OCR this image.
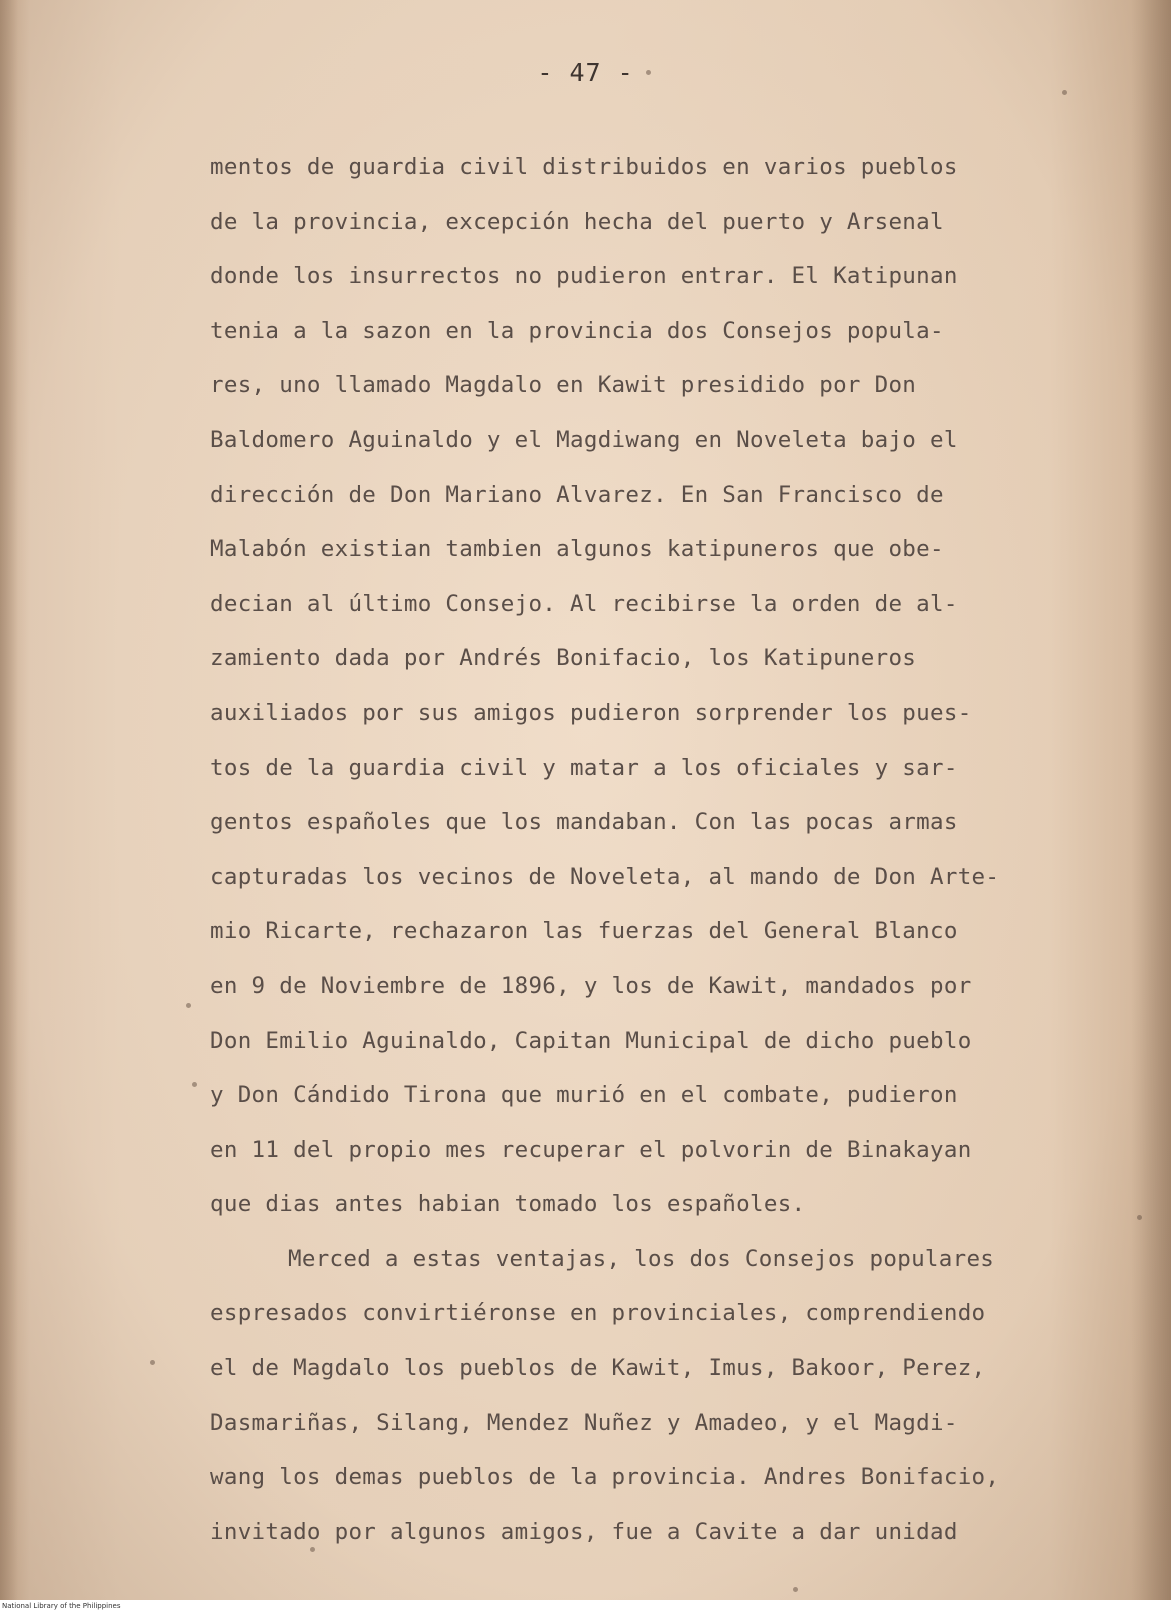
- 47 -
mentos de guardia civil distribuidos en varios pueblos
de la provincia, excepción hecha del puerto y Arsenal
donde los insurrectos no pudieron entrar. El Katipunan
tenia a la sazon en la provincia dos Consejos popula-
res, uno llamado Magdalo en Kawit presidido por Don
Baldomero Aguinaldo y el Magdiwang en Noveleta bajo el
dirección de Don Mariano Alvarez. En San Francisco de
Malabón existian tambien algunos katipuneros que obe-
decian al último Consejo. Al recibirse la orden de al-
zamiento dada por Andrés Bonifacio, los Katipuneros
auxiliados por sus amigos pudieron sorprender los pues-
tos de la guardia civil y matar a los oficiales y sar-
gentos españoles que los mandaban. Con las pocas armas
capturadas los vecinos de Noveleta, al mando de Don Arte-
mio Ricarte, rechazaron las fuerzas del General Blanco
en 9 de Noviembre de 1896, y los de Kawit, mandados por
Don Emilio Aguinaldo, Capitan Municipal de dicho pueblo
y Don Cándido Tirona que murió en el combate, pudieron
en 11 del propio mes recuperar el polvorin de Binakayan
que dias antes habian tomado los españoles.
Merced a estas ventajas, los dos Consejos populares
espresados convirtiéronse en provinciales, comprendiendo
el de Magdalo los pueblos de Kawit, Imus, Bakoor, Perez,
Dasmariñas, Silang, Mendez Nuñez y Amadeo, y el Magdi-
wang los demas pueblos de la provincia. Andres Bonifacio,
invitado por algunos amigos, fue a Cavite a dar unidad
National Library of the Philippines
